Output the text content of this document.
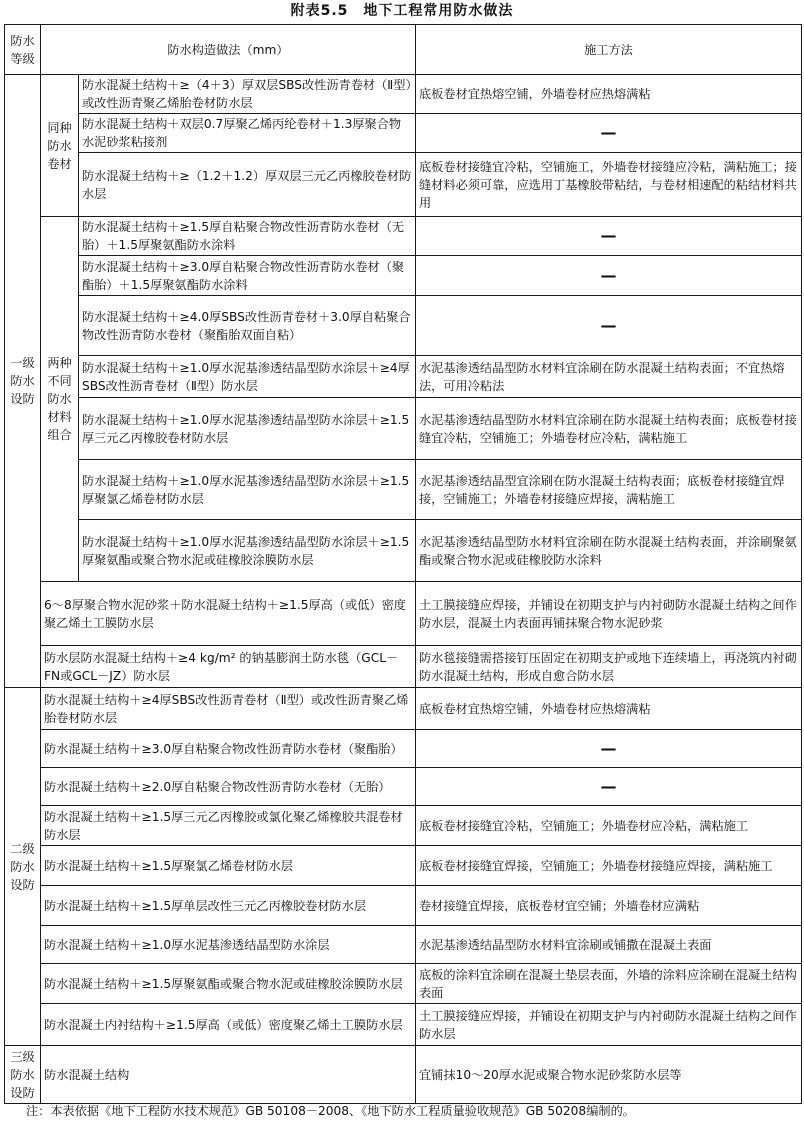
附表5.5　地下工程常用防水做法
防水等级	防水构造做法（mm）		施工方法
一级防水设防	同种防水卷材	防水混凝土结构＋≥（4＋3）厚双层SBS改性沥青卷材（Ⅱ型）或改性沥青聚乙烯胎卷材防水层	底板卷材宜热熔空铺，外墙卷材应热熔满粘
		防水混凝土结构＋双层0.7厚聚乙烯丙纶卷材＋1.3厚聚合物水泥砂浆粘接剂	—
		防水混凝土结构＋≥（1.2＋1.2）厚双层三元乙丙橡胶卷材防水层	底板卷材接缝宜冷粘，空铺施工，外墙卷材接缝应冷粘，满粘施工；接缝材料必须可靠，应选用丁基橡胶带粘结，与卷材相速配的粘结材料共用
	两种不同防水材料组合	防水混凝土结构＋≥1.5厚自粘聚合物改性沥青防水卷材（无胎）＋1.5厚聚氨酯防水涂料	—
		防水混凝土结构＋≥3.0厚自粘聚合物改性沥青防水卷材（聚酯胎）＋1.5厚聚氨酯防水涂料	—
		防水混凝土结构＋≥4.0厚SBS改性沥青卷材＋3.0厚自粘聚合物改性沥青防水卷材（聚酯胎双面自粘）	—
		防水混凝土结构＋≥1.0厚水泥基渗透结晶型防水涂层＋≥4厚SBS改性沥青卷材（Ⅱ型）防水层	水泥基渗透结晶型防水材料宜涂刷在防水混凝土结构表面；不宜热熔法，可用冷粘法
		防水混凝土结构＋≥1.0厚水泥基渗透结晶型防水涂层＋≥1.5厚三元乙丙橡胶卷材防水层	水泥基渗透结晶型防水材料宜涂刷在防水混凝土结构表面；底板卷材接缝宜冷粘，空铺施工；外墙卷材应冷粘，满粘施工
		防水混凝土结构＋≥1.0厚水泥基渗透结晶型防水涂层＋≥1.5厚聚氯乙烯卷材防水层	水泥基渗透结晶型宜涂刷在防水混凝土结构表面；底板卷材接缝宜焊接，空铺施工；外墙卷材接缝应焊接，满粘施工
		防水混凝土结构＋≥1.0厚水泥基渗透结晶型防水涂层＋≥1.5厚聚氨酯或聚合物水泥或硅橡胶涂膜防水层	水泥基渗透结晶型防水材料宜涂刷在防水混凝土结构表面，并涂刷聚氨酯或聚合物水泥或硅橡胶防水涂料
	6～8厚聚合物水泥砂浆＋防水混凝土结构＋≥1.5厚高（或低）密度聚乙烯土工膜防水层		土工膜接缝应焊接，并铺设在初期支护与内衬砌防水混凝土结构之间作防水层，混凝土内表面再铺抹聚合物水泥砂浆
	防水层防水混凝土结构＋≥4 kg/m² 的钠基膨润土防水毯（GCL－FN或GCL－JZ）防水层		防水毯接缝需搭接钉压固定在初期支护或地下连续墙上，再浇筑内衬砌防水混凝土结构，形成自愈合防水层
二级防水设防	防水混凝土结构＋≥4厚SBS改性沥青卷材（Ⅱ型）或改性沥青聚乙烯胎卷材防水层		底板卷材宜热熔空铺，外墙卷材应热熔满粘
	防水混凝土结构＋≥3.0厚自粘聚合物改性沥青防水卷材（聚酯胎）		—
	防水混凝土结构＋≥2.0厚自粘聚合物改性沥青防水卷材（无胎）		—
	防水混凝土结构＋≥1.5厚三元乙丙橡胶或氯化聚乙烯橡胶共混卷材防水层		底板卷材接缝宜冷粘，空铺施工；外墙卷材应冷粘，满粘施工
	防水混凝土结构＋≥1.5厚聚氯乙烯卷材防水层		底板卷材接缝宜焊接，空铺施工；外墙卷材接缝应焊接，满粘施工
	防水混凝土结构＋≥1.5厚单层改性三元乙丙橡胶卷材防水层		卷材接缝宜焊接，底板卷材宜空铺；外墙卷材应满粘
	防水混凝土结构＋≥1.0厚水泥基渗透结晶型防水涂层		水泥基渗透结晶型防水材料宜涂刷或铺撒在混凝土表面
	防水混凝土结构＋≥1.5厚聚氨酯或聚合物水泥或硅橡胶涂膜防水层		底板的涂料宜涂刷在混凝土垫层表面，外墙的涂料应涂刷在混凝土结构表面
	防水混凝土内衬结构＋≥1.5厚高（或低）密度聚乙烯土工膜防水层		土工膜接缝应焊接，并铺设在初期支护与内衬砌防水混凝土结构之间作防水层
三级防水设防	防水混凝土结构		宜铺抹10～20厚水泥或聚合物水泥砂浆防水层等
注：本表依据《地下工程防水技术规范》GB 50108－2008、《地下防水工程质量验收规范》GB 50208编制的。
